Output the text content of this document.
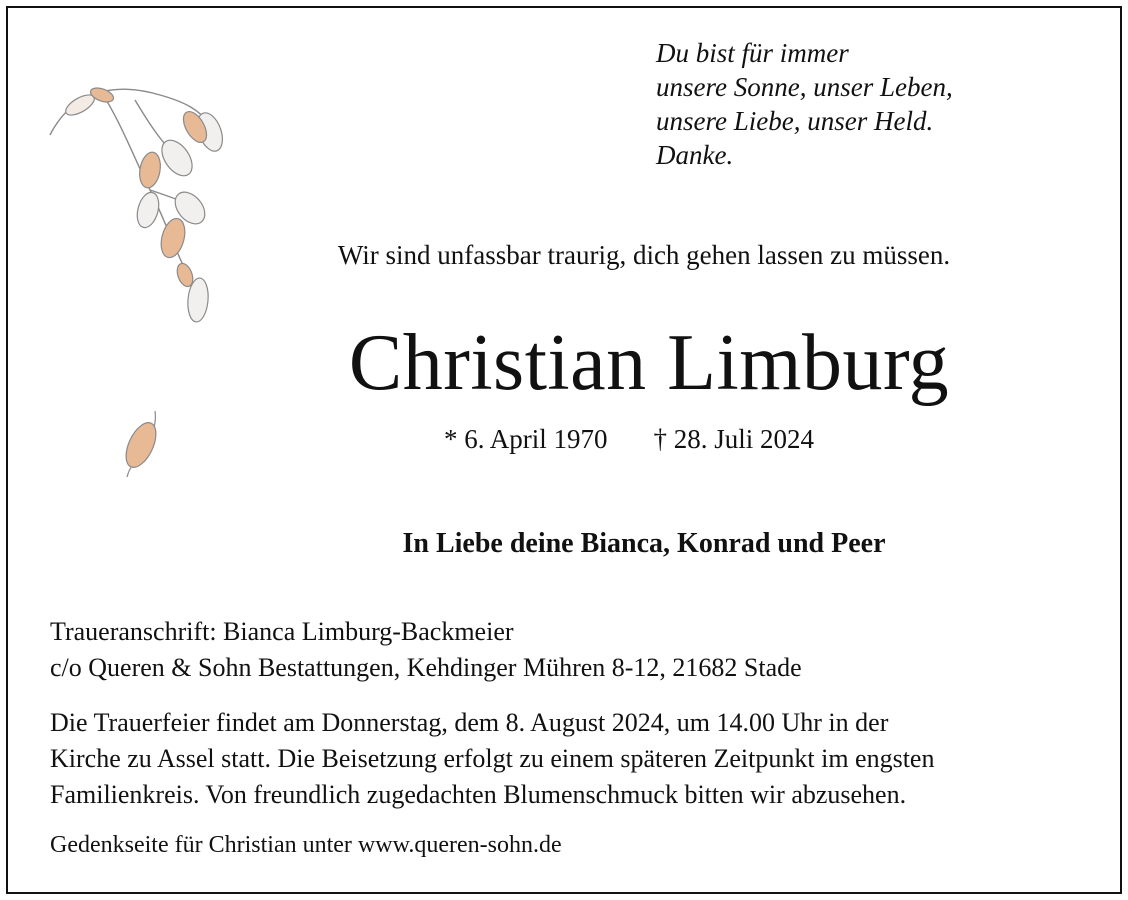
Du bist für immer
unsere Sonne, unser Leben,
unsere Liebe, unser Held.
Danke.
Wir sind unfassbar traurig, dich gehen lassen zu müssen.
Christian Limburg
* 6. April 1970 † 28. Juli 2024
In Liebe deine Bianca, Konrad und Peer
Traueranschrift: Bianca Limburg-Backmeier
c/o Queren & Sohn Bestattungen, Kehdinger Mühren 8-12, 21682 Stade
Die Trauerfeier findet am Donnerstag, dem 8. August 2024, um 14.00 Uhr in der
Kirche zu Assel statt. Die Beisetzung erfolgt zu einem späteren Zeitpunkt im engsten
Familienkreis. Von freundlich zugedachten Blumenschmuck bitten wir abzusehen.
Gedenkseite für Christian unter www.queren-sohn.de
